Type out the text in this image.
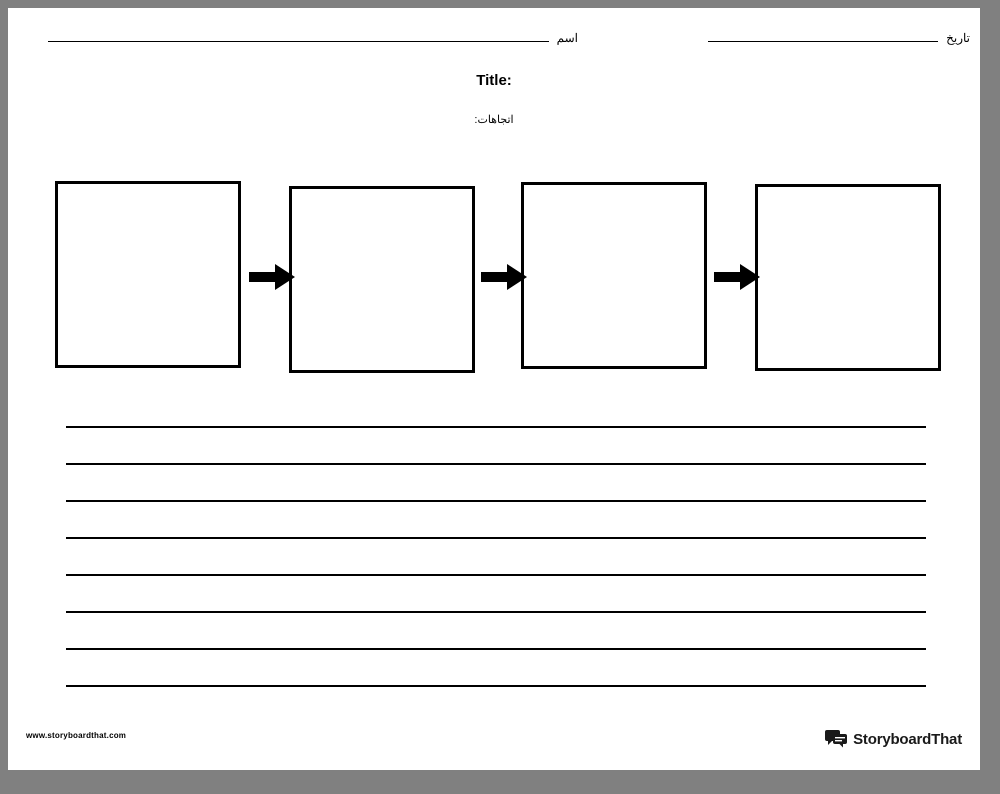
اسم	تاريخ
Title:
اتجاهات:
www.storyboardthat.com	StoryboardThat
